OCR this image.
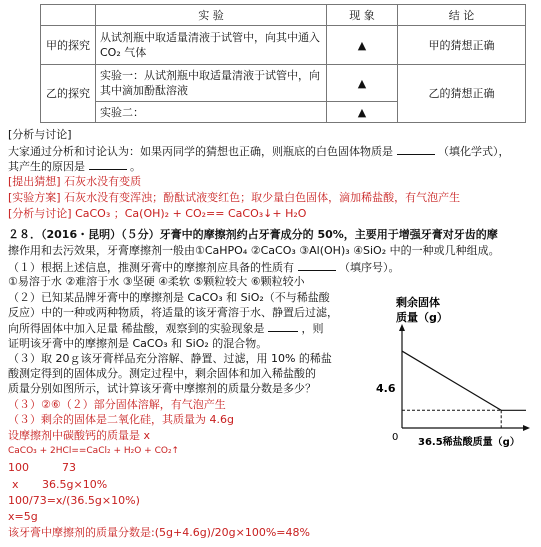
	实 验	现 象	结 论
甲的探究	从试剂瓶中取适量清液于试管中，向其中通入 CO₂ 气体	▲	甲的猜想正确
乙的探究	实验一：从试剂瓶中取适量清液于试管中，向其中滴加酚酞溶液	▲	乙的猜想正确
	实验二：	▲	
[分析与讨论]
大家通过分析和讨论认为：如果丙同学的猜想也正确，则瓶底的白色固体物质是	（填化学式），
其产生的原因是	。
[提出猜想] 石灰水没有变质
[实验方案] 石灰水没有变浑浊；酚酞试液变红色；取少量白色固体，滴加稀盐酸，有气泡产生
[分析与讨论] CaCO₃ ；Ca(OH)₂ + CO₂== CaCO₃↓+ H₂O
２８．（2016・昆明）（５分）牙膏中的摩擦剂约占牙膏成分的 50%，主要用于增强牙膏对牙齿的摩
擦作用和去污效果，牙膏摩擦剂一般由①CaHPO₄ ②CaCO₃ ③Al(OH)₃ ④SiO₂ 中的一种或几种组成。
（１）根据上述信息，推测牙膏中的摩擦剂应具备的性质有	（填序号）。
①易溶于水 ②难溶于水 ③坚硬 ④柔软 ⑤颗粒较大 ⑥颗粒较小
（２）已知某品牌牙膏中的摩擦剂是 CaCO₃ 和 SiO₂（不与稀盐酸
反应）中的一种或两种物质，将适量的该牙膏溶于水、静置后过滤，
向所得固体中加入足量 稀盐酸，观察到的实验现象是	，则
证明该牙膏中的摩擦剂是 CaCO₃ 和 SiO₂ 的混合物。
（３）取 20ｇ该牙膏样品充分溶解、静置、过滤，用 10% 的稀盐
酸测定得到的固体成分。测定过程中，剩余固体和加入稀盐酸的
质量分别如图所示，试计算该牙膏中摩擦剂的质量分数是多少？
（３）②⑥（２）部分固体溶解，有气泡产生
（３）剩余的固体是二氧化硅，其质量为 4.6g
设摩擦剂中碳酸钙的质量是 x
CaCO₃ + 2HCl==CaCl₂ + H₂O + CO₂↑
100	73
x 36.5g×10%
100/73=x/(36.5g×10%)
x=5g
该牙膏中摩擦剂的质量分数是:(5g+4.6g)/20g×100%=48%
剩余固体
质量（g）
4.6
0 36.5稀盐酸质量（g）
